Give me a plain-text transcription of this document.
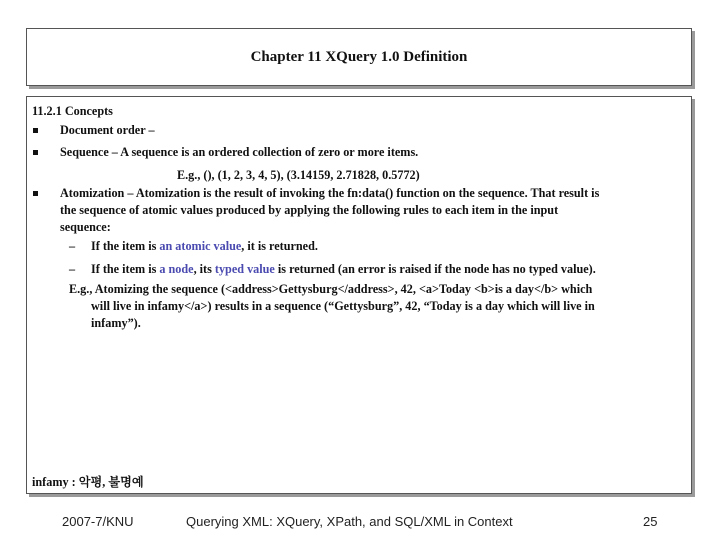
Chapter 11 XQuery 1.0 Definition
11.2.1 Concepts
Document order –
Sequence – A sequence is an ordered collection of zero or more items.
E.g., (), (1, 2, 3, 4, 5), (3.14159, 2.71828, 0.5772)
Atomization – Atomization is the result of invoking the fn:data() function on the sequence. That result is
the sequence of atomic values produced by applying the following rules to each item in the input
sequence:
– If the item is an atomic value, it is returned.
– If the item is a node, its typed value is returned (an error is raised if the node has no typed value).
E.g., Atomizing the sequence (<address>Gettysburg</address>, 42, <a>Today <b>is a day</b> which
will live in infamy</a>) results in a sequence (“Gettysburg”, 42, “Today is a day which will live in
infamy”).
infamy : 악평, 불명예
2007-7/KNU	Querying XML: XQuery, XPath, and SQL/XML in Context	25
